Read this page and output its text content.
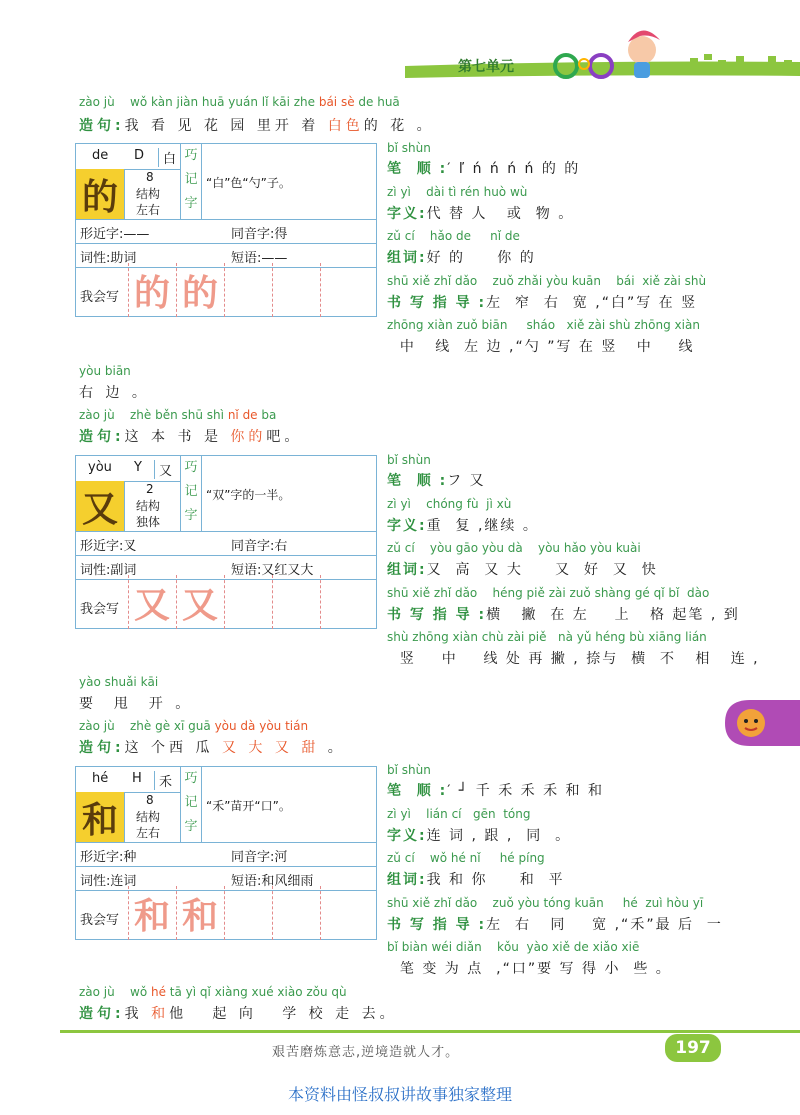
第七单元
zào jù    wǒ kàn jiàn huā yuán lǐ kāi zhe bái sè de huā
造句:我 看 见 花 园 里开 着 白色的 花 。
de D	白
的	8
结构
左右
巧
记
字
“白”色“勺”子。
形近字:——	同音字:得
词性:助词	短语:——
我会写 的 的
bǐ shùn
笔  顺 :′ ľ ń ń ń ń 的 的
zì yì    dài tì rén huò wù
字义:代 替 人   或  物 。
zǔ cí    hǎo de     nǐ de
组词:好 的     你 的
shū xiě zhǐ dǎo    zuǒ zhǎi yòu kuān    bái  xiě zài shù
书 写 指 导 :左  窄  右  宽 ,“白”写 在 竖
zhōng xiàn zuǒ biān     sháo   xiě zài shù zhōng xiàn
中   线  左 边 ,“勺 ”写 在 竖   中    线
yòu biān
右 边 。
zào jù    zhè běn shū shì nǐ de ba
造句:这 本 书 是 你的吧。
yòu Y	又
又	2
结构
独体
巧
记
字
“双”字的一半。
形近字:叉	同音字:右
词性:副词	短语:又红又大
我会写 又 又
bǐ shùn
笔  顺 :フ 又
zì yì    chóng fù  jì xù
字义:重  复 ,继续 。
zǔ cí    yòu gāo yòu dà    yòu hǎo yòu kuài
组词:又  高  又 大     又  好  又  快
shū xiě zhǐ dǎo    héng piě zài zuǒ shàng gé qǐ bǐ  dào
书 写 指 导 :横   撇  在 左    上   格 起笔 , 到
shù zhōng xiàn chù zài piě   nà yǔ héng bù xiāng lián
竖    中    线 处 再 撇 , 捺与  横  不   相   连 ,
yào shuǎi kāi
要  甩  开 。
zào jù    zhè gè xī guā yòu dà yòu tián
造句:这 个西 瓜 又 大 又 甜 。
hé H	禾
和	8
结构
左右
巧
记
字
“禾”苗开“口”。
形近字:种	同音字:河
词性:连词	短语:和风细雨
我会写 和 和
bǐ shùn
笔  顺 :′ ┘ 千 禾 禾 禾 和 和
zì yì    lián cí   gēn  tóng
字义:连 词 , 跟 ,  同  。
zǔ cí    wǒ hé nǐ     hé píng
组词:我 和 你     和  平
shū xiě zhǐ dǎo    zuǒ yòu tóng kuān     hé  zuì hòu yī
书 写 指 导 :左  右   同    宽 ,“禾”最 后  一
bǐ biàn wéi diǎn    kǒu  yào xiě de xiǎo xiē
笔 变 为 点  ,“口”要 写 得 小  些 。
zào jù    wǒ hé tā yì qǐ xiàng xué xiào zǒu qù
造句:我 和他   起 向   学 校 走 去。
艰苦磨炼意志,逆境造就人才。	197
本资料由怪叔叔讲故事独家整理
